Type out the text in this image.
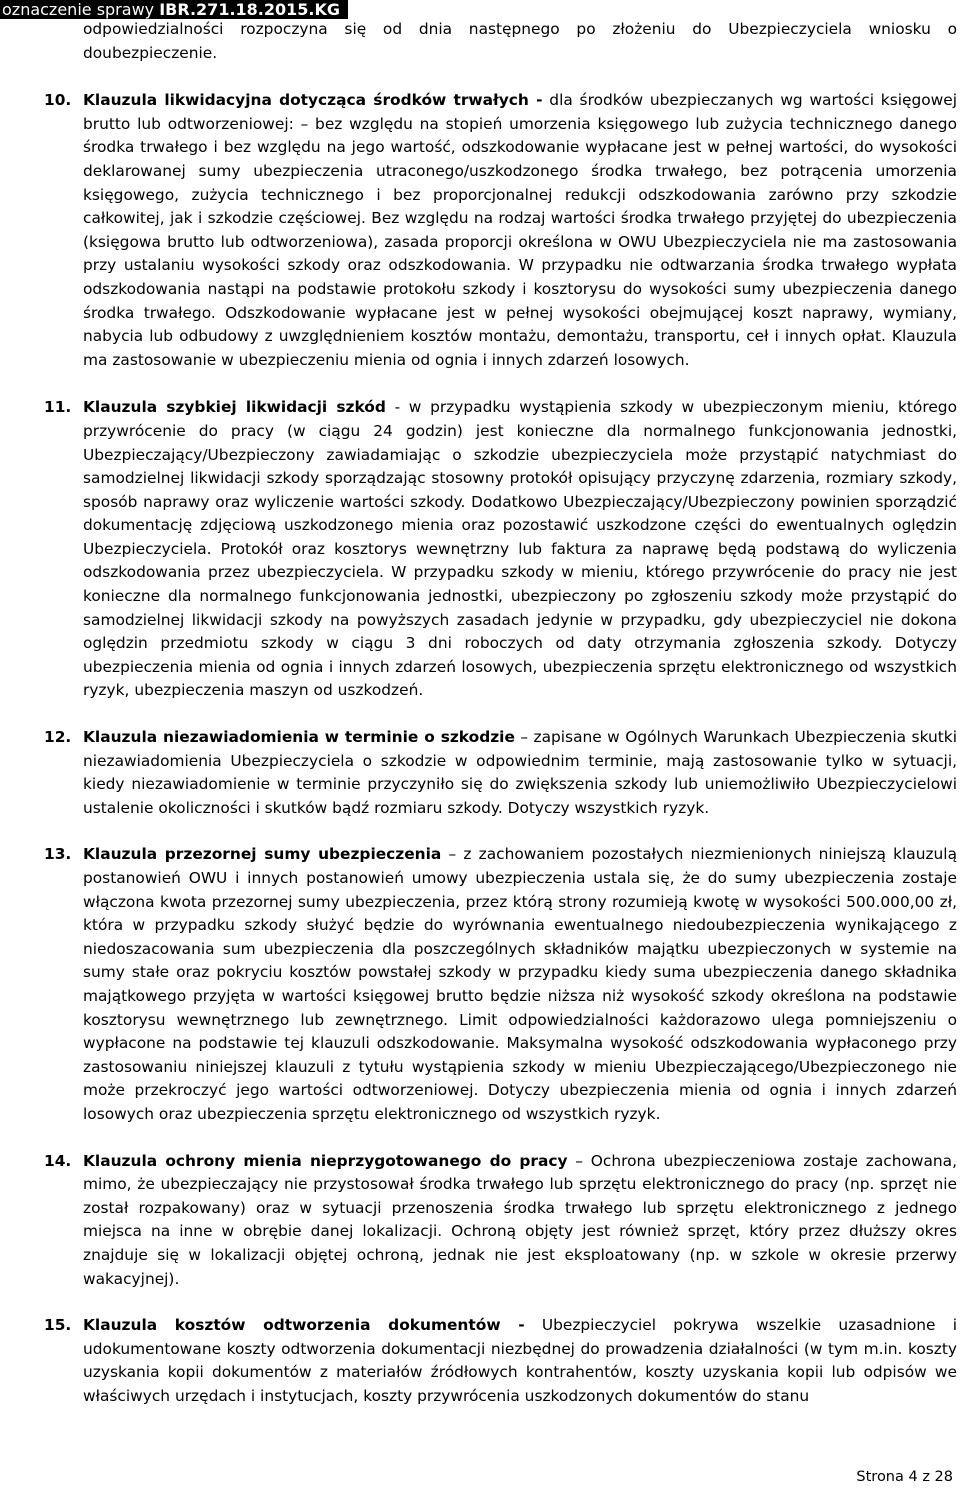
oznaczenie sprawy IBR.271.18.2015.KG

odpowiedzialności rozpoczyna się od dnia następnego po złożeniu do Ubezpieczyciela wniosku o doubezpieczenie.

10. Klauzula likwidacyjna dotycząca środków trwałych - dla środków ubezpieczanych wg wartości księgowej brutto lub odtworzeniowej: – bez względu na stopień umorzenia księgowego lub zużycia technicznego danego środka trwałego i bez względu na jego wartość, odszkodowanie wypłacane jest w pełnej wartości, do wysokości deklarowanej sumy ubezpieczenia utraconego/uszkodzonego środka trwałego, bez potrącenia umorzenia księgowego, zużycia technicznego i bez proporcjonalnej redukcji odszkodowania zarówno przy szkodzie całkowitej, jak i szkodzie częściowej. Bez względu na rodzaj wartości środka trwałego przyjętej do ubezpieczenia (księgowa brutto lub odtworzeniowa), zasada proporcji określona w OWU Ubezpieczyciela nie ma zastosowania przy ustalaniu wysokości szkody oraz odszkodowania. W przypadku nie odtwarzania środka trwałego wypłata odszkodowania nastąpi na podstawie protokołu szkody i kosztorysu do wysokości sumy ubezpieczenia danego środka trwałego. Odszkodowanie wypłacane jest w pełnej wysokości obejmującej koszt naprawy, wymiany, nabycia lub odbudowy z uwzględnieniem kosztów montażu, demontażu, transportu, ceł i innych opłat. Klauzula ma zastosowanie w ubezpieczeniu mienia od ognia i innych zdarzeń losowych.

11. Klauzula szybkiej likwidacji szkód - w przypadku wystąpienia szkody w ubezpieczonym mieniu, którego przywrócenie do pracy (w ciągu 24 godzin) jest konieczne dla normalnego funkcjonowania jednostki, Ubezpieczający/Ubezpieczony zawiadamiając o szkodzie ubezpieczyciela może przystąpić natychmiast do samodzielnej likwidacji szkody sporządzając stosowny protokół opisujący przyczynę zdarzenia, rozmiary szkody, sposób naprawy oraz wyliczenie wartości szkody. Dodatkowo Ubezpieczający/Ubezpieczony powinien sporządzić dokumentację zdjęciową uszkodzonego mienia oraz pozostawić uszkodzone części do ewentualnych oględzin Ubezpieczyciela. Protokół oraz kosztorys wewnętrzny lub faktura za naprawę będą podstawą do wyliczenia odszkodowania przez ubezpieczyciela. W przypadku szkody w mieniu, którego przywrócenie do pracy nie jest konieczne dla normalnego funkcjonowania jednostki, ubezpieczony po zgłoszeniu szkody może przystąpić do samodzielnej likwidacji szkody na powyższych zasadach jedynie w przypadku, gdy ubezpieczyciel nie dokona oględzin przedmiotu szkody w ciągu 3 dni roboczych od daty otrzymania zgłoszenia szkody. Dotyczy ubezpieczenia mienia od ognia i innych zdarzeń losowych, ubezpieczenia sprzętu elektronicznego od wszystkich ryzyk, ubezpieczenia maszyn od uszkodzeń.

12. Klauzula niezawiadomienia w terminie o szkodzie – zapisane w Ogólnych Warunkach Ubezpieczenia skutki niezawiadomienia Ubezpieczyciela o szkodzie w odpowiednim terminie, mają zastosowanie tylko w sytuacji, kiedy niezawiadomienie w terminie przyczyniło się do zwiększenia szkody lub uniemożliwiło Ubezpieczycielowi ustalenie okoliczności i skutków bądź rozmiaru szkody. Dotyczy wszystkich ryzyk.

13. Klauzula przezornej sumy ubezpieczenia – z zachowaniem pozostałych niezmienionych niniejszą klauzulą postanowień OWU i innych postanowień umowy ubezpieczenia ustala się, że do sumy ubezpieczenia zostaje włączona kwota przezornej sumy ubezpieczenia, przez którą strony rozumieją kwotę w wysokości 500.000,00 zł, która w przypadku szkody służyć będzie do wyrównania ewentualnego niedoubezpieczenia wynikającego z niedoszacowania sum ubezpieczenia dla poszczególnych składników majątku ubezpieczonych w systemie na sumy stałe oraz pokryciu kosztów powstałej szkody w przypadku kiedy suma ubezpieczenia danego składnika majątkowego przyjęta w wartości księgowej brutto będzie niższa niż wysokość szkody określona na podstawie kosztorysu wewnętrznego lub zewnętrznego. Limit odpowiedzialności każdorazowo ulega pomniejszeniu o wypłacone na podstawie tej klauzuli odszkodowanie. Maksymalna wysokość odszkodowania wypłaconego przy zastosowaniu niniejszej klauzuli z tytułu wystąpienia szkody w mieniu Ubezpieczającego/Ubezpieczonego nie może przekroczyć jego wartości odtworzeniowej. Dotyczy ubezpieczenia mienia od ognia i innych zdarzeń losowych oraz ubezpieczenia sprzętu elektronicznego od wszystkich ryzyk.

14. Klauzula ochrony mienia nieprzygotowanego do pracy – Ochrona ubezpieczeniowa zostaje zachowana, mimo, że ubezpieczający nie przystosował środka trwałego lub sprzętu elektronicznego do pracy (np. sprzęt nie został rozpakowany) oraz w sytuacji przenoszenia środka trwałego lub sprzętu elektronicznego z jednego miejsca na inne w obrębie danej lokalizacji. Ochroną objęty jest również sprzęt, który przez dłuższy okres znajduje się w lokalizacji objętej ochroną, jednak nie jest eksploatowany (np. w szkole w okresie przerwy wakacyjnej).

15. Klauzula kosztów odtworzenia dokumentów - Ubezpieczyciel pokrywa wszelkie uzasadnione i udokumentowane koszty odtworzenia dokumentacji niezbędnej do prowadzenia działalności (w tym m.in. koszty uzyskania kopii dokumentów z materiałów źródłowych kontrahentów, koszty uzyskania kopii lub odpisów we właściwych urzędach i instytucjach, koszty przywrócenia uszkodzonych dokumentów do stanu

Strona 4 z 28
